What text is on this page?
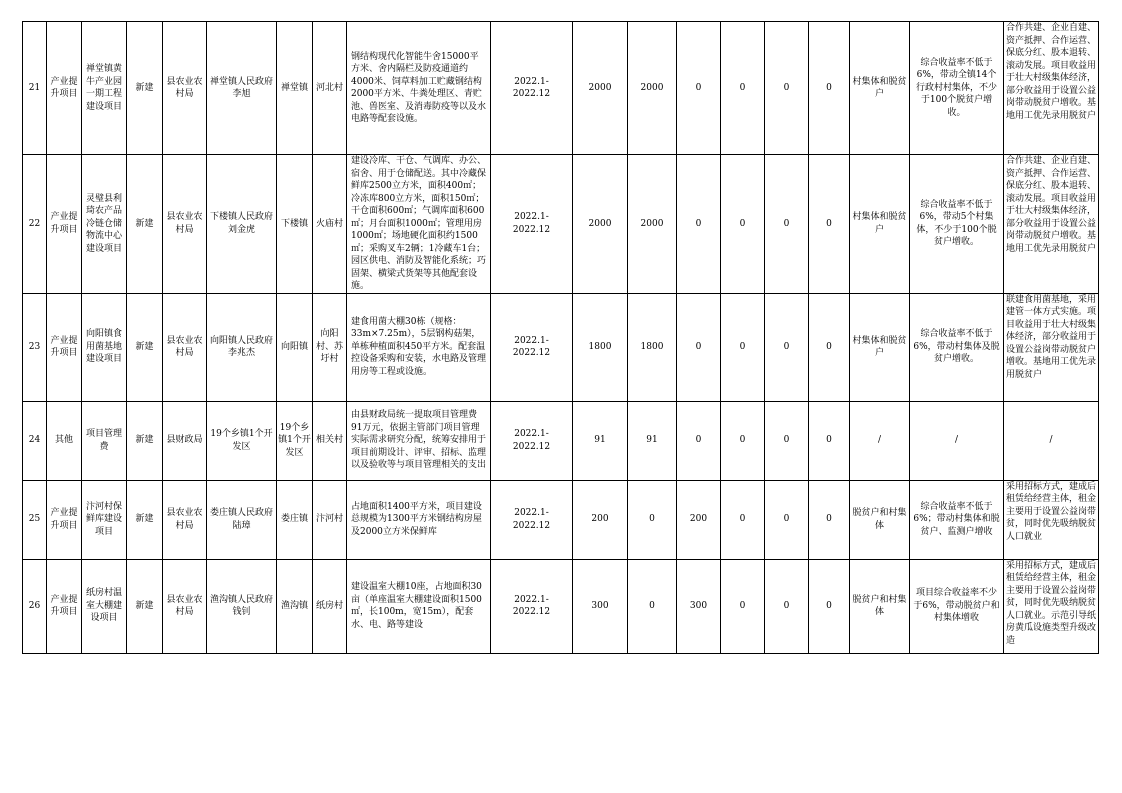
21	产业提升项目	禅堂镇黄牛产业园一期工程建设项目	新建	县农业农村局	禅堂镇人民政府
李旭	禅堂镇	河北村	钢结构现代化智能牛舍15000平方米、舍内隔栏及防疫通道约4000米、饲草料加工贮藏钢结构2000平方米、牛粪处理区、青贮池、兽医室、及消毒防疫等以及水电路等配套设施。	2022.1-
2022.12	2000	2000	0	0	0	0	村集体和脱贫户	综合收益率不低于6%，带动全镇14个行政村村集体，不少于100个脱贫户增收。	合作共建、企业自建、资产抵押、合作运营、保底分红、股本退转、滚动发展。项目收益用于壮大村级集体经济，部分收益用于设置公益岗带动脱贫户增收。基地用工优先录用脱贫户

22	产业提升项目	灵璧县利琦农产品冷链仓储物流中心建设项目	新建	县农业农村局	下楼镇人民政府
刘金虎	下楼镇	火庙村	建设冷库、干仓、气调库、办公、宿舍、用于仓储配送。其中冷藏保鲜库2500立方米，面积400㎡；冷冻库800立方米，面积150㎡；干仓面积600㎡；气调库面积600㎡；月台面积1000㎡；管理用房1000㎡；场地硬化面积约1500㎡；采购叉车2辆；1冷藏车1台；园区供电、消防及智能化系统；巧固架、横梁式货架等其他配套设施。	2022.1-
2022.12	2000	2000	0	0	0	0	村集体和脱贫户	综合收益率不低于6%，带动5个村集体，不少于100个脱贫户增收。	合作共建、企业自建、资产抵押、合作运营、保底分红、股本退转、滚动发展。项目收益用于壮大村级集体经济，部分收益用于设置公益岗带动脱贫户增收。基地用工优先录用脱贫户

23	产业提升项目	向阳镇食用菌基地建设项目	新建	县农业农村局	向阳镇人民政府 李兆杰	向阳镇	向阳村、苏圩村	建食用菌大棚30栋（规格：33m×7.25m），5层钢构菇架，单栋种植面积450平方米。配套温控设备采购和安装，水电路及管理用房等工程或设施。	2022.1-
2022.12	1800	1800	0	0	0	0	村集体和脱贫户	综合收益率不低于6%，带动村集体及脱贫户增收。	联建食用菌基地，采用建管一体方式实施。项目收益用于壮大村级集体经济，部分收益用于设置公益岗带动脱贫户增收。基地用工优先录用脱贫户

24	其他	项目管理费	新建	县财政局	19个乡镇1个开发区	19个乡镇1个开发区	相关村	由县财政局统一提取项目管理费91万元，依据主管部门项目管理实际需求研究分配，统筹安排用于项目前期设计、评审、招标、监理以及验收等与项目管理相关的支出	2022.1-
2022.12	91	91	0	0	0	0	/	/	/

25	产业提升项目	汴河村保鲜库建设项目	新建	县农业农村局	娄庄镇人民政府陆璋	娄庄镇	汴河村	占地面积1400平方米，项目建设总规模为1300平方米钢结构房屋及2000立方米保鲜库	2022.1-
2022.12	200	0	200	0	0	0	脱贫户和村集体	综合收益率不低于6%；带动村集体和脱贫户、监测户增收	采用招标方式，建成后租赁给经营主体，租金主要用于设置公益岗带贫，同时优先吸纳脱贫人口就业

26	产业提升项目	纸房村温室大棚建设项目	新建	县农业农村局	渔沟镇人民政府　钱钊	渔沟镇	纸房村	建设温室大棚10座，占地面积30亩（单座温室大棚建设面积1500㎡，长100m，宽15m），配套水、电、路等建设	2022.1-
2022.12	300	0	300	0	0	0	脱贫户和村集体	项目综合收益率不少于6%，带动脱贫户和村集体增收	采用招标方式，建成后租赁给经营主体，租金主要用于设置公益岗带贫，同时优先吸纳脱贫人口就业。示范引导纸房黄瓜设施类型升级改造
